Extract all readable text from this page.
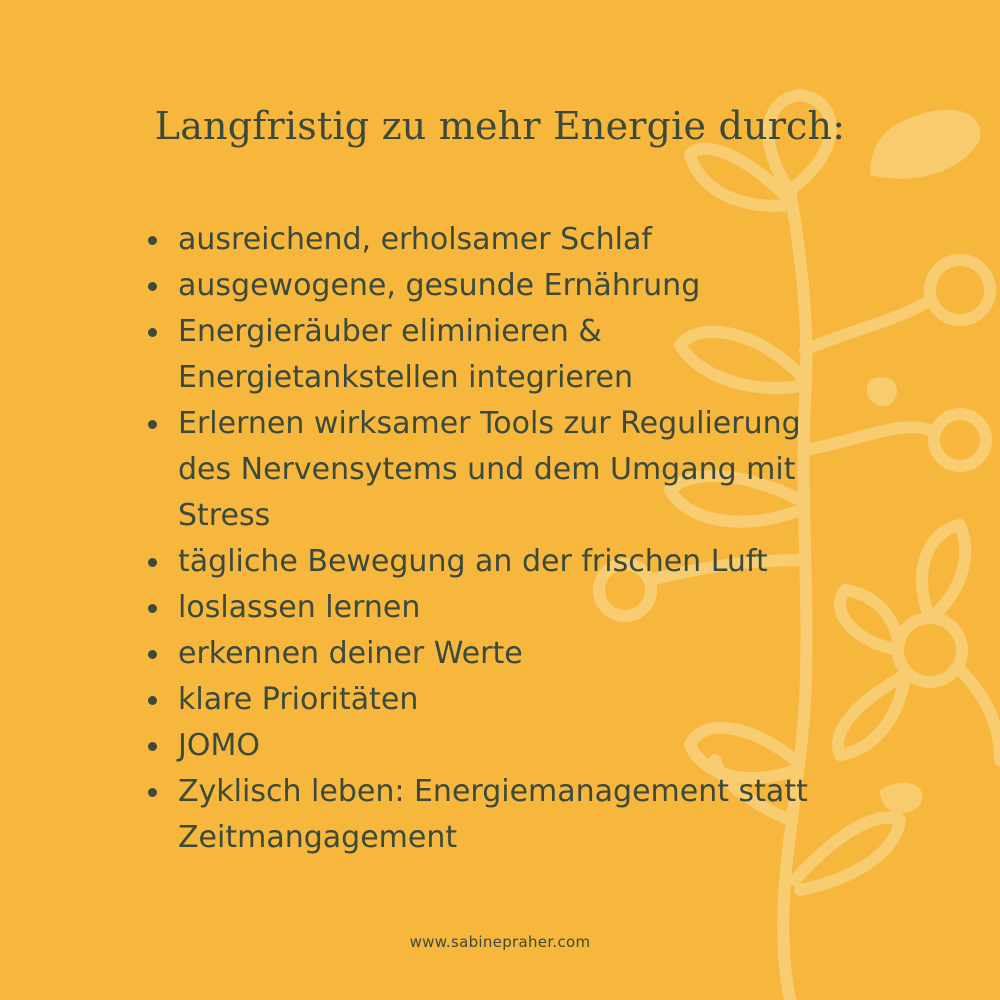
Langfristig zu mehr Energie durch:
ausreichend, erholsamer Schlaf
ausgewogene, gesunde Ernährung
Energieräuber eliminieren &
Energietankstellen integrieren
Erlernen wirksamer Tools zur Regulierung
des Nervensytems und dem Umgang mit
Stress
tägliche Bewegung an der frischen Luft
loslassen lernen
erkennen deiner Werte
klare Prioritäten
JOMO
Zyklisch leben: Energiemanagement statt
Zeitmangagement
www.sabinepraher.com
